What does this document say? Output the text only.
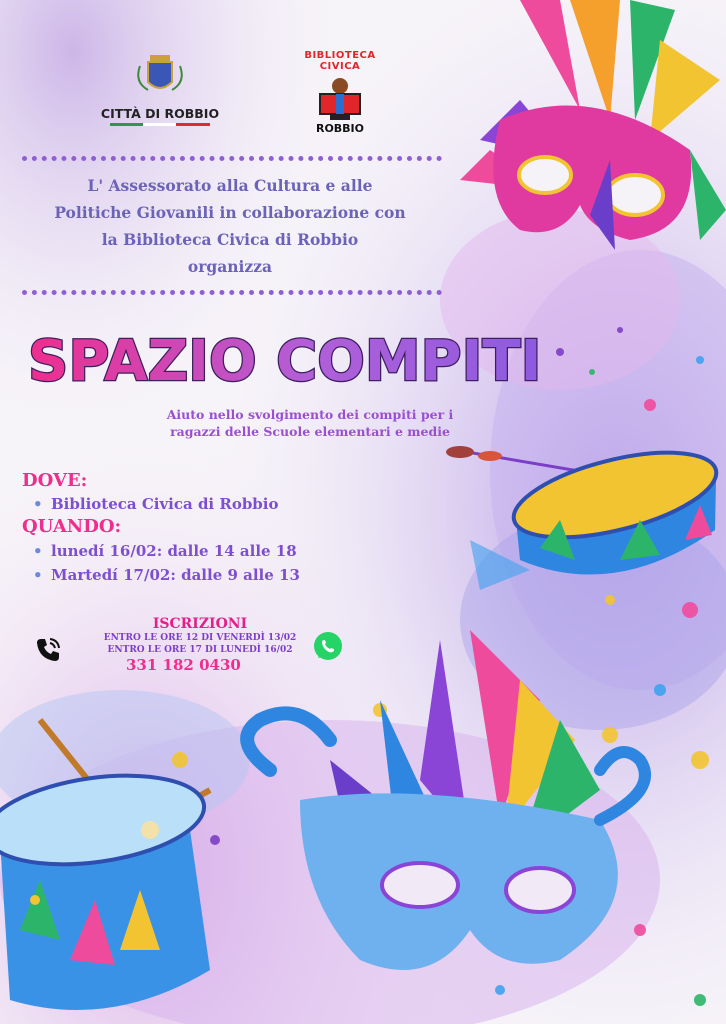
CITTÀ DI ROBBIO
BIBLIOTECA CIVICA
ROBBIO
L' Assessorato alla Cultura e alle
Politiche Giovanili in collaborazione con
la Biblioteca Civica di Robbio
organizza
SPAZIO COMPITI
Aiuto nello svolgimento dei compiti per i
ragazzi delle Scuole elementari e medie
DOVE:
• Biblioteca Civica di Robbio
QUANDO:
• lunedí 16/02: dalle 14 alle 18
• Martedí 17/02: dalle 9 alle 13
ISCRIZIONI
ENTRO LE ORE 12 DI VENERDÌ 13/02
ENTRO LE ORE 17 DI LUNEDÌ 16/02
331 182 0430
